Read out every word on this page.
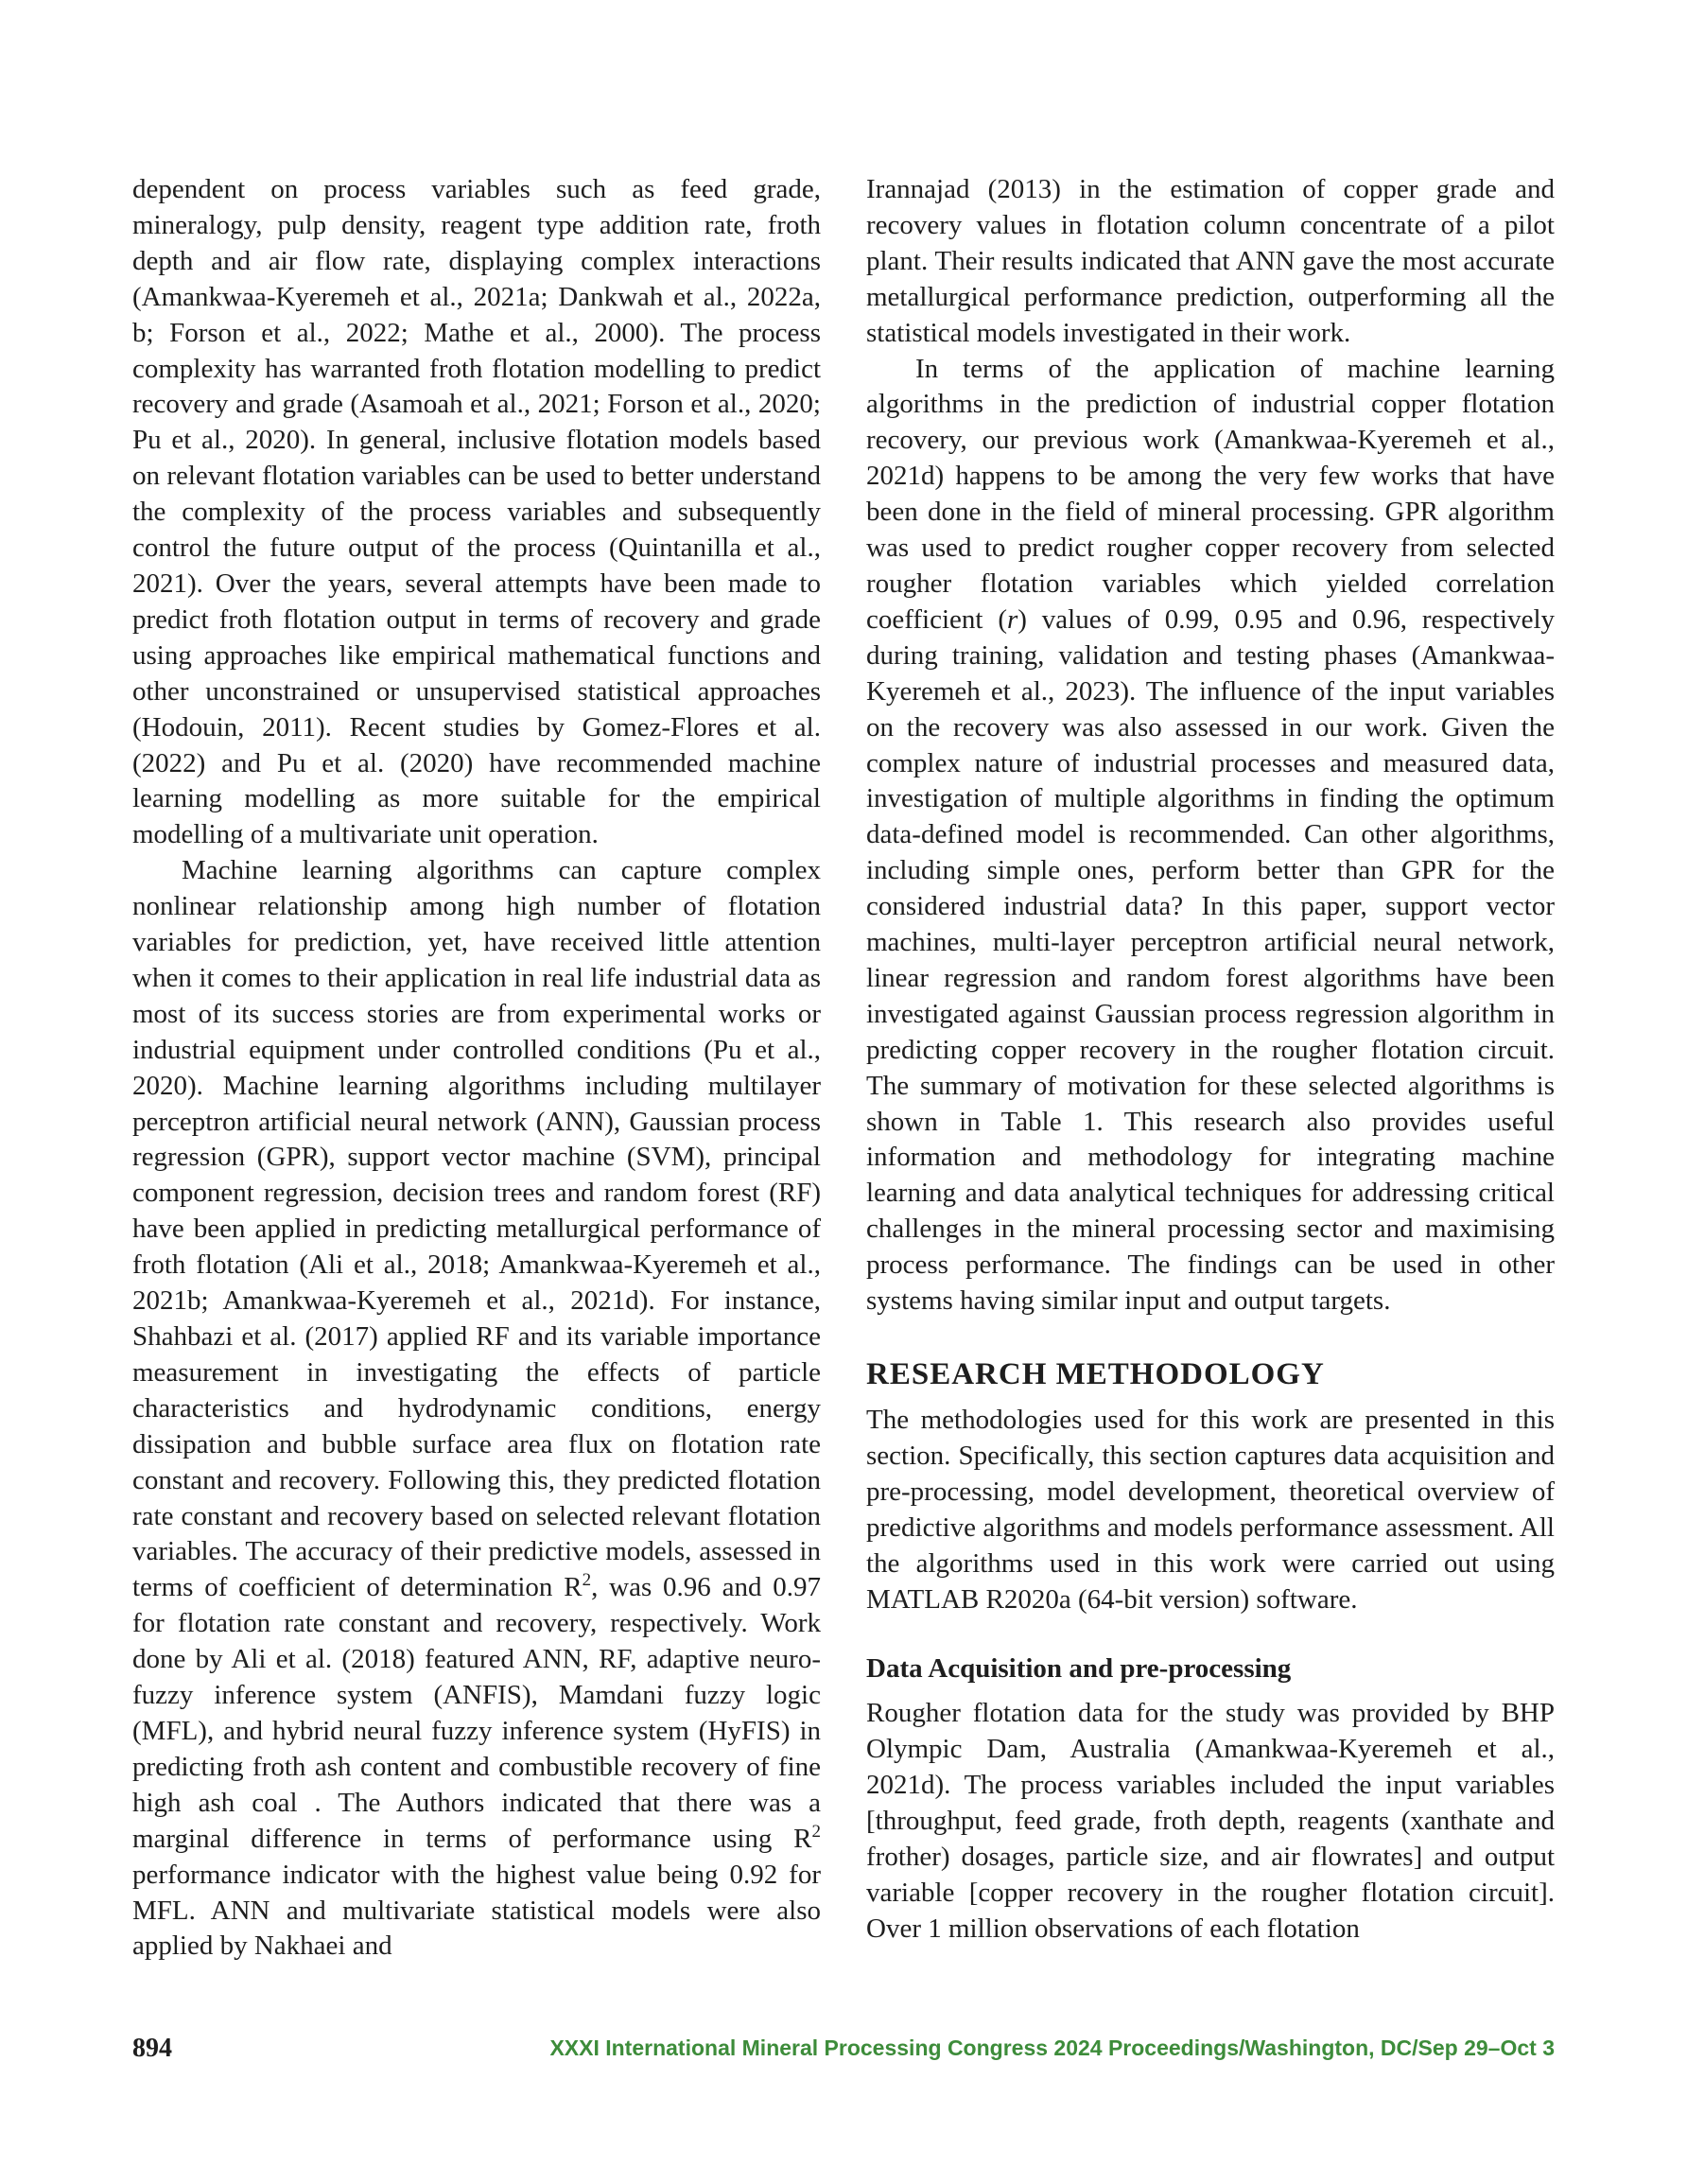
dependent on process variables such as feed grade, mineralogy, pulp density, reagent type addition rate, froth depth and air flow rate, displaying complex interactions (Amankwaa-Kyeremeh et al., 2021a; Dankwah et al., 2022a, b; Forson et al., 2022; Mathe et al., 2000). The process complexity has warranted froth flotation modelling to predict recovery and grade (Asamoah et al., 2021; Forson et al., 2020; Pu et al., 2020). In general, inclusive flotation models based on relevant flotation variables can be used to better understand the complexity of the process variables and subsequently control the future output of the process (Quintanilla et al., 2021). Over the years, several attempts have been made to predict froth flotation output in terms of recovery and grade using approaches like empirical mathematical functions and other unconstrained or unsupervised statistical approaches (Hodouin, 2011). Recent studies by Gomez-Flores et al. (2022) and Pu et al. (2020) have recommended machine learning modelling as more suitable for the empirical modelling of a multivariate unit operation.

Machine learning algorithms can capture complex nonlinear relationship among high number of flotation variables for prediction, yet, have received little attention when it comes to their application in real life industrial data as most of its success stories are from experimental works or industrial equipment under controlled conditions (Pu et al., 2020). Machine learning algorithms including multilayer perceptron artificial neural network (ANN), Gaussian process regression (GPR), support vector machine (SVM), principal component regression, decision trees and random forest (RF) have been applied in predicting metallurgical performance of froth flotation (Ali et al., 2018; Amankwaa-Kyeremeh et al., 2021b; Amankwaa-Kyeremeh et al., 2021d). For instance, Shahbazi et al. (2017) applied RF and its variable importance measurement in investigating the effects of particle characteristics and hydrodynamic conditions, energy dissipation and bubble surface area flux on flotation rate constant and recovery. Following this, they predicted flotation rate constant and recovery based on selected relevant flotation variables. The accuracy of their predictive models, assessed in terms of coefficient of determination $R^2$, was 0.96 and 0.97 for flotation rate constant and recovery, respectively. Work done by Ali et al. (2018) featured ANN, RF, adaptive neuro-fuzzy inference system (ANFIS), Mamdani fuzzy logic (MFL), and hybrid neural fuzzy inference system (HyFIS) in predicting froth ash content and combustible recovery of fine high ash coal . The Authors indicated that there was a marginal difference in terms of performance using $R^2$ performance indicator with the highest value being 0.92 for MFL. ANN and multivariate statistical models were also applied by Nakhaei and

Irannajad (2013) in the estimation of copper grade and recovery values in flotation column concentrate of a pilot plant. Their results indicated that ANN gave the most accurate metallurgical performance prediction, outperforming all the statistical models investigated in their work.

In terms of the application of machine learning algorithms in the prediction of industrial copper flotation recovery, our previous work (Amankwaa-Kyeremeh et al., 2021d) happens to be among the very few works that have been done in the field of mineral processing. GPR algorithm was used to predict rougher copper recovery from selected rougher flotation variables which yielded correlation coefficient (r) values of 0.99, 0.95 and 0.96, respectively during training, validation and testing phases (Amankwaa-Kyeremeh et al., 2023). The influence of the input variables on the recovery was also assessed in our work. Given the complex nature of industrial processes and measured data, investigation of multiple algorithms in finding the optimum data-defined model is recommended. Can other algorithms, including simple ones, perform better than GPR for the considered industrial data? In this paper, support vector machines, multi-layer perceptron artificial neural network, linear regression and random forest algorithms have been investigated against Gaussian process regression algorithm in predicting copper recovery in the rougher flotation circuit. The summary of motivation for these selected algorithms is shown in Table 1. This research also provides useful information and methodology for integrating machine learning and data analytical techniques for addressing critical challenges in the mineral processing sector and maximising process performance. The findings can be used in other systems having similar input and output targets.

RESEARCH METHODOLOGY

The methodologies used for this work are presented in this section. Specifically, this section captures data acquisition and pre-processing, model development, theoretical overview of predictive algorithms and models performance assessment. All the algorithms used in this work were carried out using MATLAB R2020a (64-bit version) software.

Data Acquisition and pre-processing

Rougher flotation data for the study was provided by BHP Olympic Dam, Australia (Amankwaa-Kyeremeh et al., 2021d). The process variables included the input variables [throughput, feed grade, froth depth, reagents (xanthate and frother) dosages, particle size, and air flowrates] and output variable [copper recovery in the rougher flotation circuit]. Over 1 million observations of each flotation

894	XXXI International Mineral Processing Congress 2024 Proceedings/Washington, DC/Sep 29–Oct 3
